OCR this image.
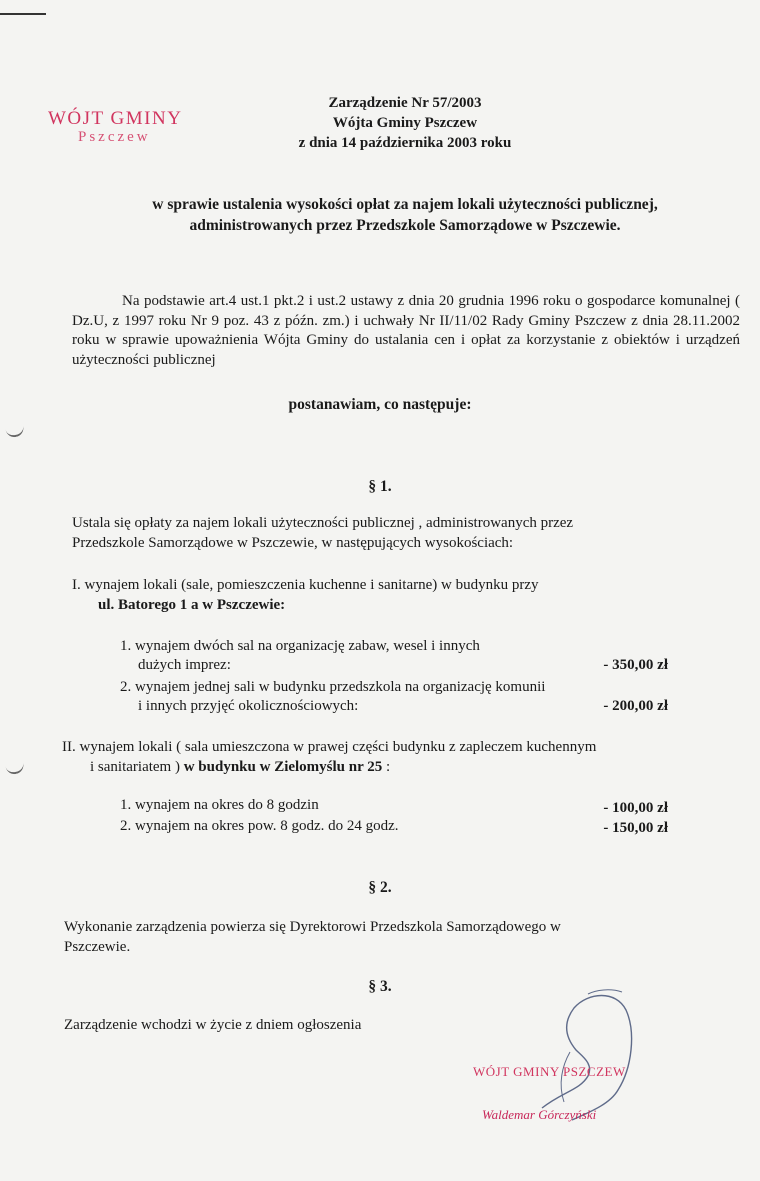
WÓJT GMINY
Pszczew
Zarządzenie Nr 57/2003
Wójta Gminy Pszczew
z dnia 14 października 2003 roku
w sprawie ustalenia wysokości opłat za najem lokali użyteczności publicznej,
administrowanych przez Przedszkole Samorządowe w Pszczewie.
Na podstawie art.4 ust.1 pkt.2 i ust.2 ustawy z dnia 20 grudnia 1996 roku o gospodarce komunalnej ( Dz.U, z 1997 roku Nr 9 poz. 43 z późn. zm.) i uchwały Nr II/11/02 Rady Gminy Pszczew z dnia 28.11.2002 roku w sprawie upoważnienia Wójta Gminy do ustalania cen i opłat za korzystanie z obiektów i urządzeń użyteczności publicznej
postanawiam, co następuje:
§ 1.
Ustala się opłaty za najem lokali użyteczności publicznej , administrowanych przez
Przedszkole Samorządowe w Pszczewie, w następujących wysokościach:
I. wynajem lokali (sale, pomieszczenia kuchenne i sanitarne) w budynku przy
ul. Batorego 1 a w Pszczewie:
1. wynajem dwóch sal na organizację zabaw, wesel i innych
dużych imprez:	- 350,00 zł
2. wynajem jednej sali w budynku przedszkola na organizację komunii
i innych przyjęć okolicznościowych:	- 200,00 zł
II. wynajem lokali ( sala umieszczona w prawej części budynku z zapleczem kuchennym
i sanitariatem ) w budynku w Zielomyślu nr 25 :
1. wynajem na okres do 8 godzin	- 100,00 zł
2. wynajem na okres pow. 8 godz. do 24 godz.	- 150,00 zł
§ 2.
Wykonanie zarządzenia powierza się Dyrektorowi Przedszkola Samorządowego w
Pszczewie.
§ 3.
Zarządzenie wchodzi w życie z dniem ogłoszenia
WÓJT GMINY PSZCZEW
Waldemar Górczyński
